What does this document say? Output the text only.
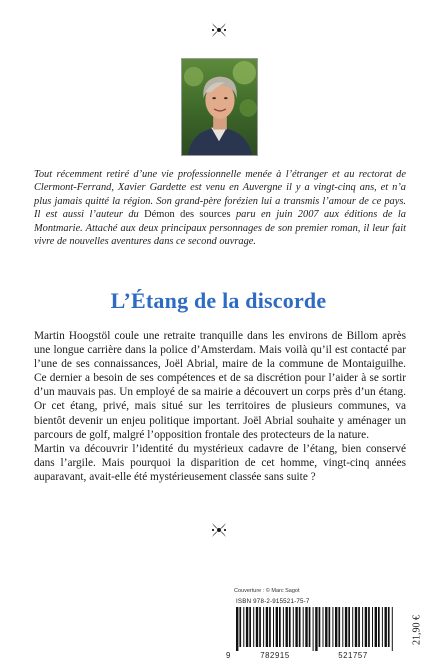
Tout récemment retiré d’une vie professionnelle menée à l’étranger et au rectorat de Clermont-Ferrand, Xavier Gardette est venu en Auvergne il y a vingt-cinq ans, et n’a plus jamais quitté la région. Son grand-père forézien lui a transmis l’amour de ce pays. Il est aussi l’auteur du Démon des sources paru en juin 2007 aux éditions de la Montmarie. Attaché aux deux principaux personnages de son premier roman, il leur fait vivre de nouvelles aventures dans ce second ouvrage.
L’Étang de la discorde

Martin Hoogstöl coule une retraite tranquille dans les environs de Billom après une longue carrière dans la police d’Amsterdam. Mais voilà qu’il est contacté par l’une de ses connaissances, Joël Abrial, maire de la commune de Montaiguilhe. Ce dernier a besoin de ses compétences et de sa discrétion pour l’aider à se sortir d’un mauvais pas. Un employé de sa mairie a découvert un corps près d’un étang. Or cet étang, privé, mais situé sur les territoires de plusieurs communes, va bientôt devenir un enjeu politique important. Joël Abrial souhaite y aménager un parcours de golf, malgré l’opposition frontale des protecteurs de la nature.

Martin va découvrir l’identité du mystérieux cadavre de l’étang, bien conservé dans l’argile. Mais pourquoi la disparition de cet homme, vingt-cinq années auparavant, avait-elle été mystérieusement classée sans suite ?

Couverture : © Marc Sagot
ISBN 978-2-915521-75-7
9	782915	521757
21,90 €
